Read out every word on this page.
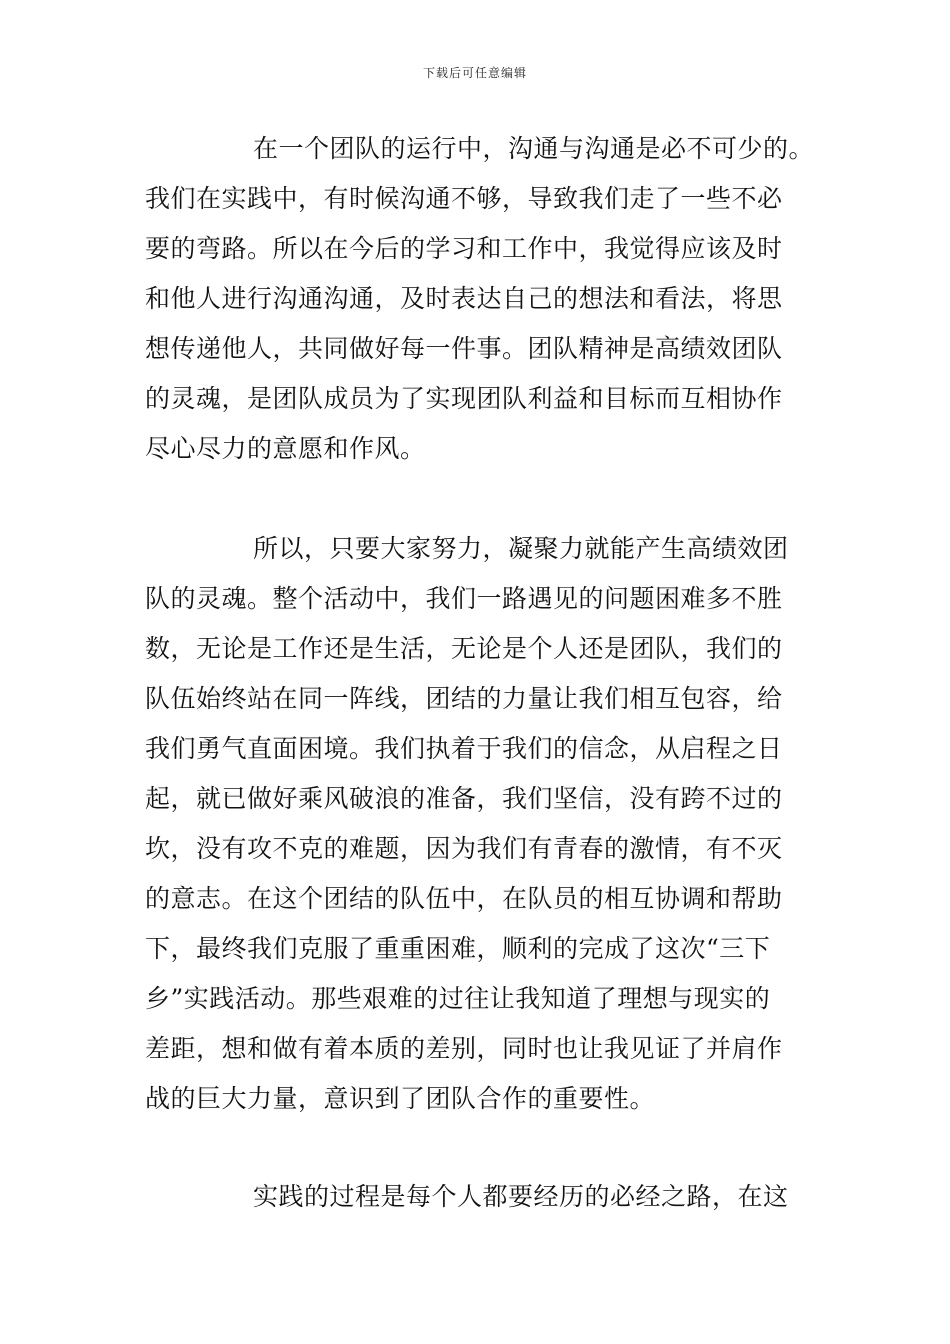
下载后可任意编辑
在一个团队的运行中，沟通与沟通是必不可少的。
我们在实践中，有时候沟通不够，导致我们走了一些不必
要的弯路。所以在今后的学习和工作中，我觉得应该及时
和他人进行沟通沟通，及时表达自己的想法和看法，将思
想传递他人，共同做好每一件事。团队精神是高绩效团队
的灵魂，是团队成员为了实现团队利益和目标而互相协作
尽心尽力的意愿和作风。
所以，只要大家努力，凝聚力就能产生高绩效团
队的灵魂。整个活动中，我们一路遇见的问题困难多不胜
数，无论是工作还是生活，无论是个人还是团队，我们的
队伍始终站在同一阵线，团结的力量让我们相互包容，给
我们勇气直面困境。我们执着于我们的信念，从启程之日
起，就已做好乘风破浪的准备，我们坚信，没有跨不过的
坎，没有攻不克的难题，因为我们有青春的激情，有不灭
的意志。在这个团结的队伍中，在队员的相互协调和帮助
下，最终我们克服了重重困难，顺利的完成了这次“三下
乡”实践活动。那些艰难的过往让我知道了理想与现实的
差距，想和做有着本质的差别，同时也让我见证了并肩作
战的巨大力量，意识到了团队合作的重要性。
实践的过程是每个人都要经历的必经之路，在这
